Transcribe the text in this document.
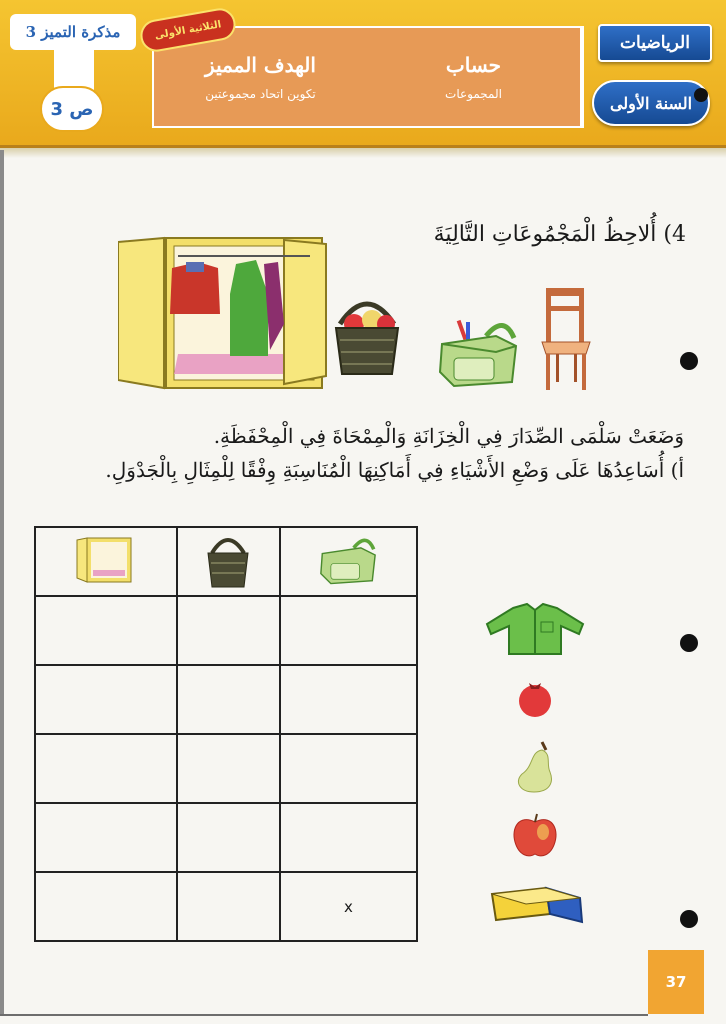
الرياضيات
السنة الأولى
الهدف المميز
تكوين اتحاد مجموعتين
حساب
المجموعات
الثلاثية الأولى
مذكرة التميز 3
ص 3
4) أُلاحِظُ الْمَجْمُوعَاتِ التَّالِيَةَ
وَضَعَتْ سَلْمَى الصِّدَارَ فِي الْخِزَانَةِ وَالْمِمْحَاةَ فِي الْمِحْفَظَةِ.
أ) أُسَاعِدُهَا عَلَى وَضْعِ الأَشْيَاءِ فِي أَمَاكِنِهَا الْمُنَاسِبَةِ وِفْقًا لِلْمِثَالِ بِالْجَدْوَلِ.

		x	
37
